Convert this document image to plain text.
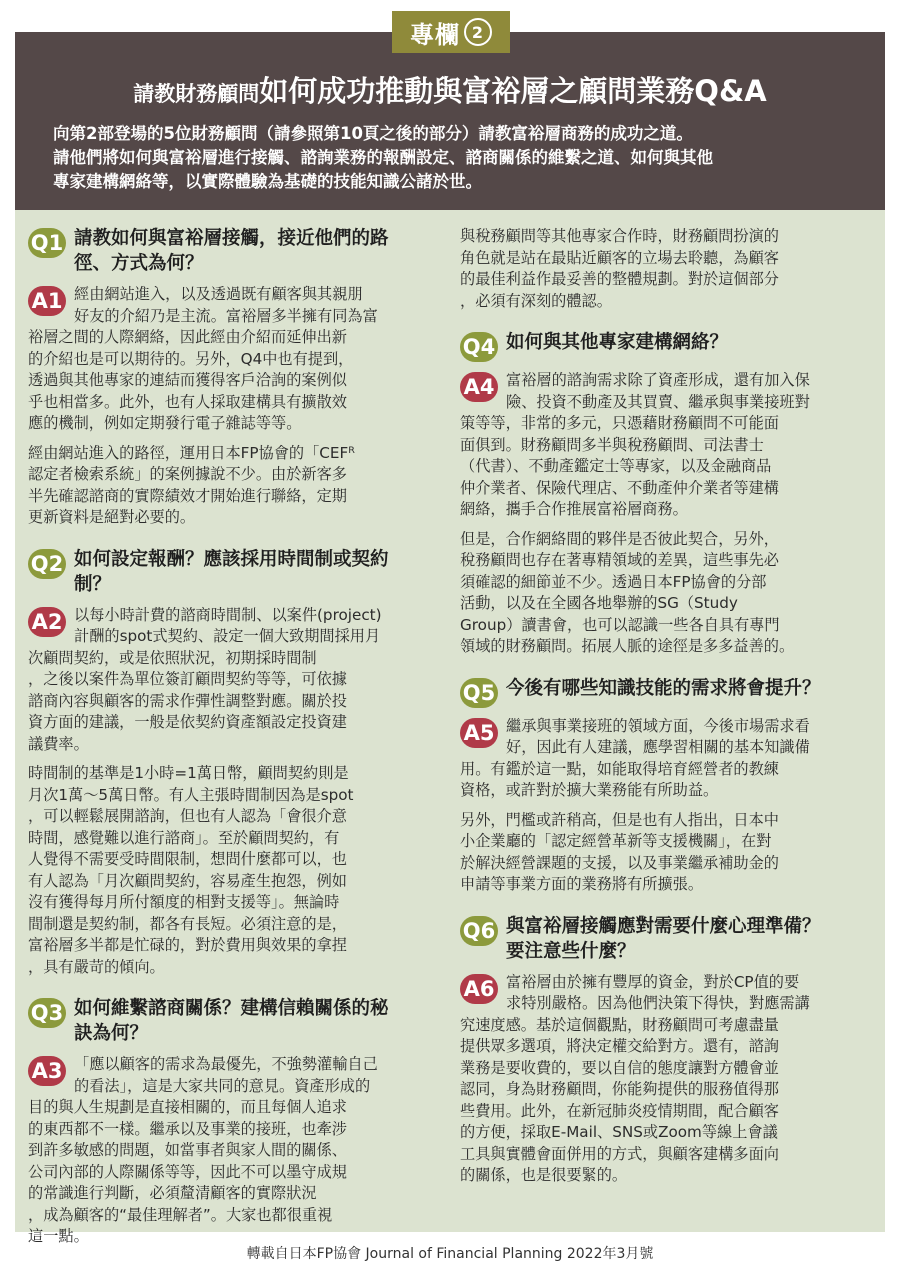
請教財務顧問如何成功推動與富裕層之顧問業務Q&A
向第2部登場的5位財務顧問（請參照第10頁之後的部分）請教富裕層商務的成功之道。
請他們將如何與富裕層進行接觸、諮詢業務的報酬設定、諮商關係的維繫之道、如何與其他
專家建構網絡等，以實際體驗為基礎的技能知識公諸於世。
專欄 2
Q1 請教如何與富裕層接觸，接近他們的路
徑、方式為何？
A1 經由網站進入，以及透過既有顧客與其親朋
好友的介紹乃是主流。富裕層多半擁有同為富
裕層之間的人際網絡，因此經由介紹而延伸出新
的介紹也是可以期待的。另外，Q4中也有提到，
透過與其他專家的連結而獲得客戶洽詢的案例似
乎也相當多。此外，也有人採取建構具有擴散效
應的機制，例如定期發行電子雜誌等等。
經由網站進入的路徑，運用日本FP協會的「CEFᴿ
認定者檢索系統」的案例據說不少。由於新客多
半先確認諮商的實際績效才開始進行聯絡，定期
更新資料是絕對必要的。
Q2 如何設定報酬？應該採用時間制或契約
制？
A2 以每小時計費的諮商時間制、以案件(project)
計酬的spot式契約、設定一個大致期間採用月
次顧問契約，或是依照狀況，初期採時間制
，之後以案件為單位簽訂顧問契約等等，可依據
諮商內容與顧客的需求作彈性調整對應。關於投
資方面的建議，一般是依契約資產額設定投資建
議費率。
時間制的基準是1小時=1萬日幣，顧問契約則是
月次1萬～5萬日幣。有人主張時間制因為是spot
，可以輕鬆展開諮詢，但也有人認為「會很介意
時間，感覺難以進行諮商」。至於顧問契約，有
人覺得不需要受時間限制，想問什麼都可以，也
有人認為「月次顧問契約，容易產生抱怨，例如
沒有獲得每月所付額度的相對支援等」。無論時
間制還是契約制，都各有長短。必須注意的是，
富裕層多半都是忙碌的，對於費用與效果的拿捏
，具有嚴苛的傾向。
Q3 如何維繫諮商關係？建構信賴關係的秘
訣為何？
A3 「應以顧客的需求為最優先，不強勢灌輸自己
的看法」，這是大家共同的意見。資產形成的
目的與人生規劃是直接相關的，而且每個人追求
的東西都不一樣。繼承以及事業的接班，也牽涉
到許多敏感的問題，如當事者與家人間的關係、
公司內部的人際關係等等，因此不可以墨守成規
的常識進行判斷，必須釐清顧客的實際狀況
，成為顧客的“最佳理解者”。大家也都很重視
這一點。
與稅務顧問等其他專家合作時，財務顧問扮演的
角色就是站在最貼近顧客的立場去聆聽，為顧客
的最佳利益作最妥善的整體規劃。對於這個部分
，必須有深刻的體認。
Q4 如何與其他專家建構網絡？
A4 富裕層的諮詢需求除了資產形成，還有加入保
險、投資不動產及其買賣、繼承與事業接班對
策等等，非常的多元，只憑藉財務顧問不可能面
面俱到。財務顧問多半與稅務顧問、司法書士
（代書）、不動產鑑定士等專家，以及金融商品
仲介業者、保險代理店、不動產仲介業者等建構
網絡，攜手合作推展富裕層商務。
但是，合作網絡間的夥伴是否彼此契合，另外，
稅務顧問也存在著專精領域的差異，這些事先必
須確認的細節並不少。透過日本FP協會的分部
活動，以及在全國各地舉辦的SG（Study
Group）讀書會，也可以認識一些各自具有專門
領域的財務顧問。拓展人脈的途徑是多多益善的。
Q5 今後有哪些知識技能的需求將會提升？
A5 繼承與事業接班的領域方面，今後市場需求看
好，因此有人建議，應學習相關的基本知識備
用。有鑑於這一點，如能取得培育經營者的教練
資格，或許對於擴大業務能有所助益。
另外，門檻或許稍高，但是也有人指出，日本中
小企業廳的「認定經營革新等支援機關」，在對
於解決經營課題的支援，以及事業繼承補助金的
申請等事業方面的業務將有所擴張。
Q6 與富裕層接觸應對需要什麼心理準備？
要注意些什麼？
A6 富裕層由於擁有豐厚的資金，對於CP值的要
求特別嚴格。因為他們決策下得快，對應需講
究速度感。基於這個觀點，財務顧問可考慮盡量
提供眾多選項，將決定權交給對方。還有，諮詢
業務是要收費的，要以自信的態度讓對方體會並
認同，身為財務顧問，你能夠提供的服務值得那
些費用。此外，在新冠肺炎疫情期間，配合顧客
的方便，採取E-Mail、SNS或Zoom等線上會議
工具與實體會面併用的方式，與顧客建構多面向
的關係，也是很要緊的。
轉載自日本FP協會 Journal of Financial Planning 2022年3月號
